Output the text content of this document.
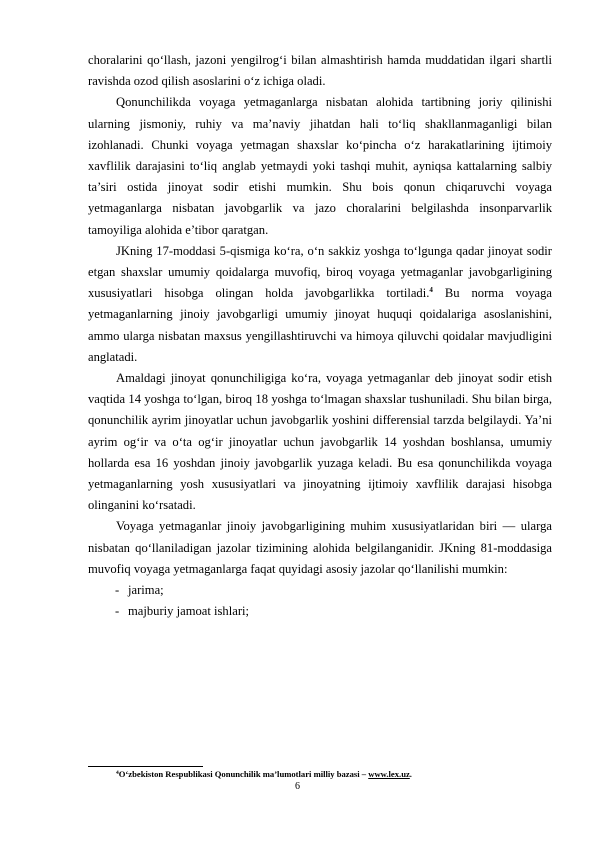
choralarini qo‘llash, jazoni yengilrog‘i bilan almashtirish hamda muddatidan ilgari shartli ravishda ozod qilish asoslarini o‘z ichiga oladi.

Qonunchilikda voyaga yetmaganlarga nisbatan alohida tartibning joriy qilinishi ularning jismoniy, ruhiy va ma’naviy jihatdan hali to‘liq shakllanmaganligi bilan izohlanadi. Chunki voyaga yetmagan shaxslar ko‘pincha o‘z harakatlarining ijtimoiy xavflilik darajasini to‘liq anglab yetmaydi yoki tashqi muhit, ayniqsa kattalarning salbiy ta’siri ostida jinoyat sodir etishi mumkin. Shu bois qonun chiqaruvchi voyaga yetmaganlarga nisbatan javobgarlik va jazo choralarini belgilashda insonparvarlik tamoyiliga alohida e’tibor qaratgan.

JKning 17-moddasi 5-qismiga ko‘ra, o‘n sakkiz yoshga to‘lgunga qadar jinoyat sodir etgan shaxslar umumiy qoidalarga muvofiq, biroq voyaga yetmaganlar javobgarligining xususiyatlari hisobga olingan holda javobgarlikka tortiladi.$^4$ Bu norma voyaga yetmaganlarning jinoiy javobgarligi umumiy jinoyat huquqi qoidalariga asoslanishini, ammo ularga nisbatan maxsus yengillashtiruvchi va himoya qiluvchi qoidalar mavjudligini anglatadi.

Amaldagi jinoyat qonunchiligiga ko‘ra, voyaga yetmaganlar deb jinoyat sodir etish vaqtida 14 yoshga to‘lgan, biroq 18 yoshga to‘lmagan shaxslar tushuniladi. Shu bilan birga, qonunchilik ayrim jinoyatlar uchun javobgarlik yoshini differensial tarzda belgilaydi. Ya’ni ayrim og‘ir va o‘ta og‘ir jinoyatlar uchun javobgarlik 14 yoshdan boshlansa, umumiy hollarda esa 16 yoshdan jinoiy javobgarlik yuzaga keladi. Bu esa qonunchilikda voyaga yetmaganlarning yosh xususiyatlari va jinoyatning ijtimoiy xavflilik darajasi hisobga olinganini ko‘rsatadi.

Voyaga yetmaganlar jinoiy javobgarligining muhim xususiyatlaridan biri — ularga nisbatan qo‘llaniladigan jazolar tizimining alohida belgilanganidir. JKning 81-moddasiga muvofiq voyaga yetmaganlarga faqat quyidagi asosiy jazolar qo‘llanilishi mumkin:

- jarima;
- majburiy jamoat ishlari;
$^4$O‘zbekiston Respublikasi Qonunchilik ma’lumotlari milliy bazasi – www.lex.uz.
6
